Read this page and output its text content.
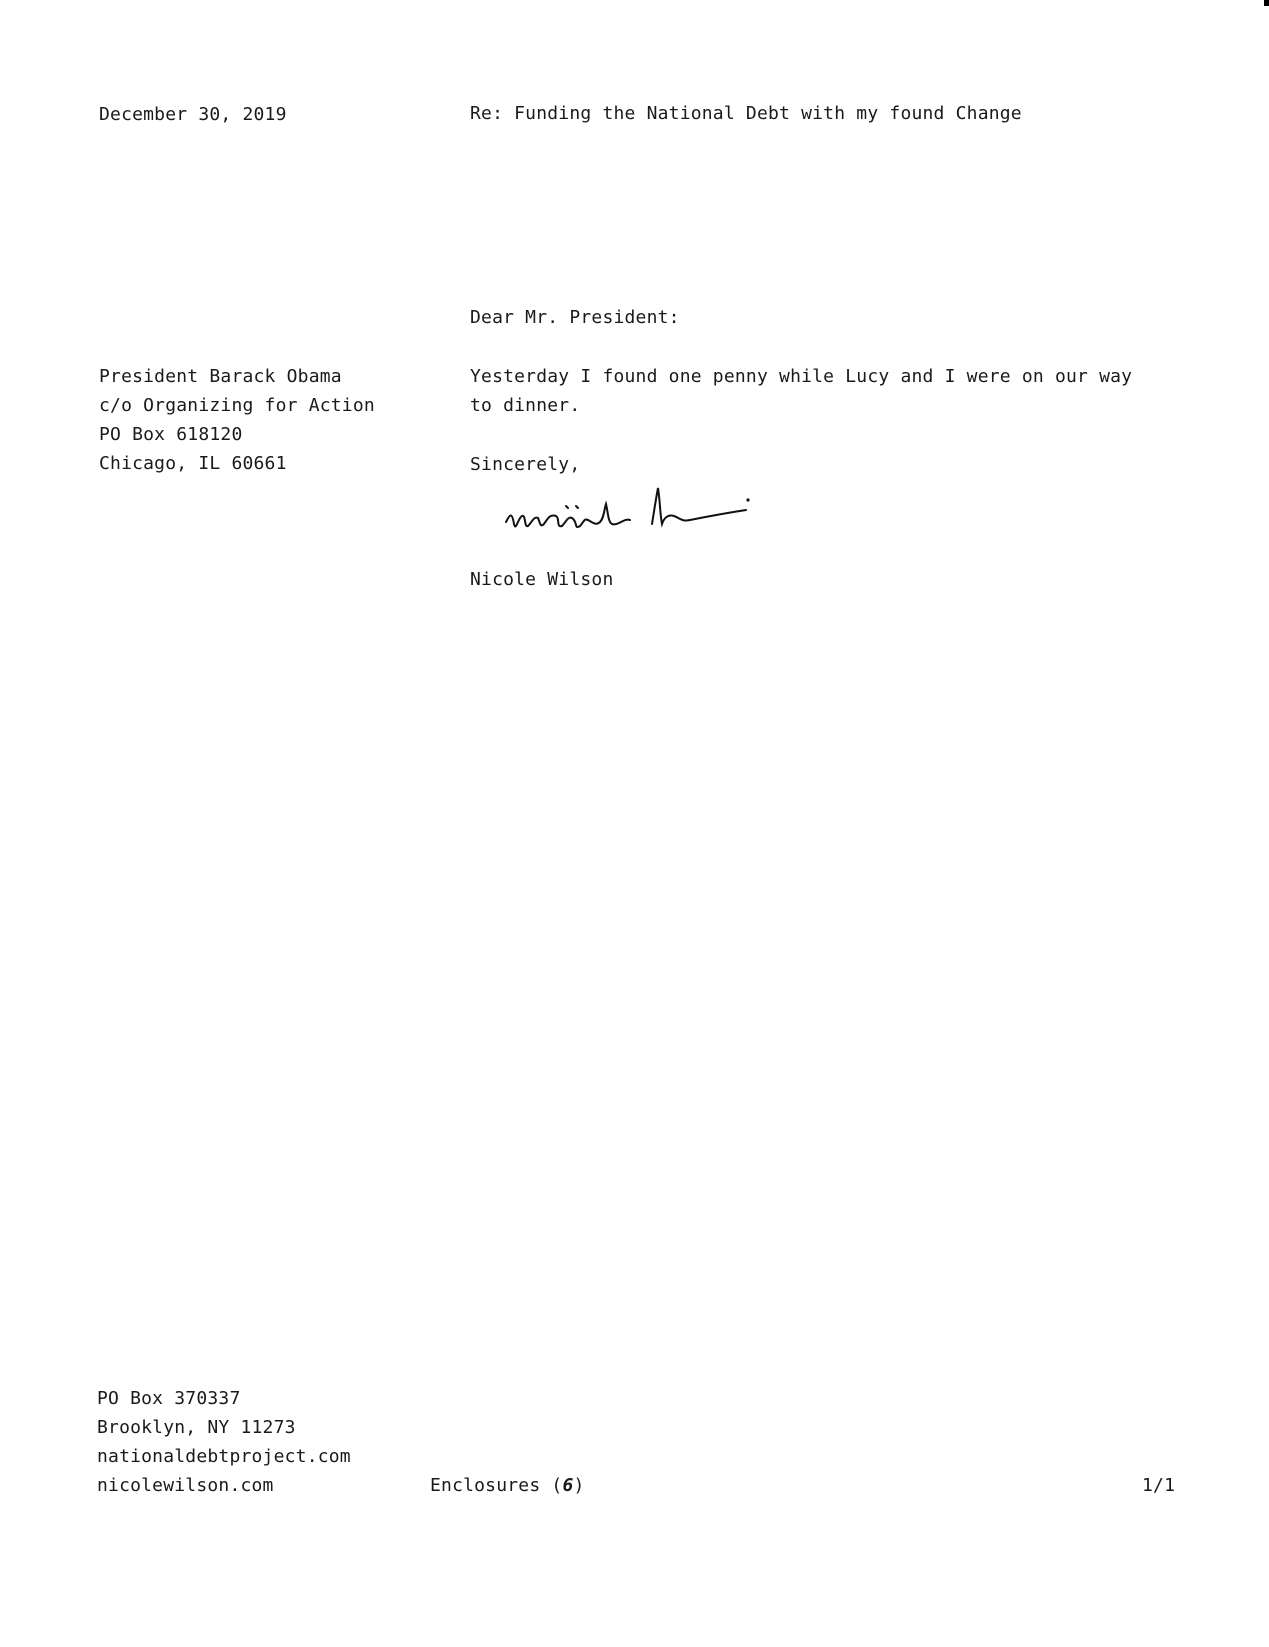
December 30, 2019	Re: Funding the National Debt with my found Change
Dear Mr. President:
President Barack Obama
c/o Organizing for Action
PO Box 618120
Chicago, IL 60661
Yesterday I found one penny while Lucy and I were on our way to dinner.
Sincerely,
Nicole Wilson
PO Box 370337
Brooklyn, NY 11273
nationaldebtproject.com
nicolewilson.com	Enclosures (6)	1/1
